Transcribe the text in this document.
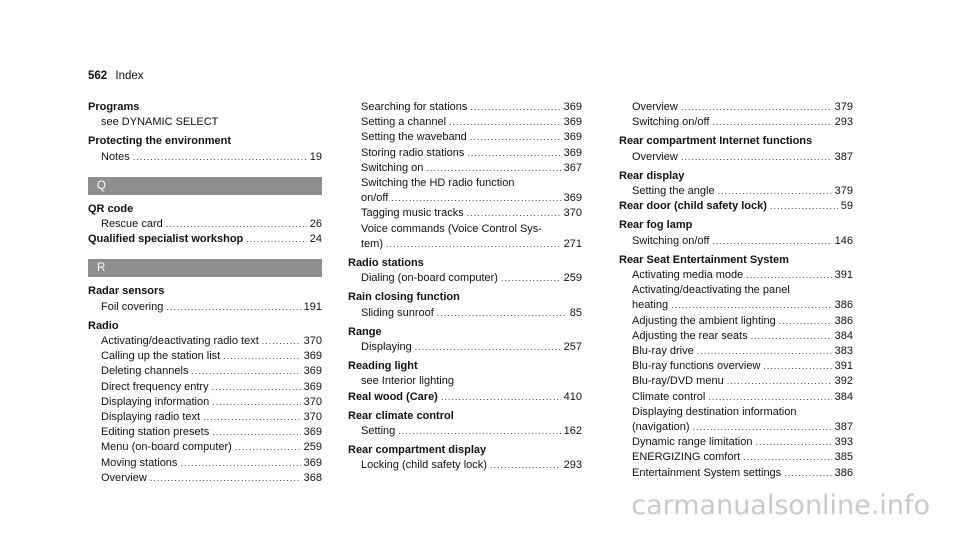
562 Index
Programs
see DYNAMIC SELECT
Protecting the environment
Notes .....	19
Q
QR code
Rescue card .....	26
Qualified specialist workshop .....	24
R
Radar sensors
Foil covering .....	191
Radio
Activating/deactivating radio text .....	370
Calling up the station list .....	369
Deleting channels .....	369
Direct frequency entry .....	369
Displaying information .....	370
Displaying radio text .....	370
Editing station presets .....	369
Menu (on-board computer) .....	259
Moving stations .....	369
Overview .....	368
Searching for stations .....	369
Setting a channel .....	369
Setting the waveband .....	369
Storing radio stations .....	369
Switching on .....	367
Switching the HD radio function
on/off .....	369
Tagging music tracks .....	370
Voice commands (Voice Control Sys-
tem) .....	271
Radio stations
Dialing (on-board computer) .....	259
Rain closing function
Sliding sunroof .....	85
Range
Displaying .....	257
Reading light
see Interior lighting
Real wood (Care) .....	410
Rear climate control
Setting .....	162
Rear compartment display
Locking (child safety lock) .....	293
Overview .....	379
Switching on/off .....	293
Rear compartment Internet functions
Overview .....	387
Rear display
Setting the angle .....	379
Rear door (child safety lock) .....	59
Rear fog lamp
Switching on/off .....	146
Rear Seat Entertainment System
Activating media mode .....	391
Activating/deactivating the panel
heating .....	386
Adjusting the ambient lighting .....	386
Adjusting the rear seats .....	384
Blu-ray drive .....	383
Blu-ray functions overview .....	391
Blu-ray/DVD menu .....	392
Climate control .....	384
Displaying destination information
(navigation) .....	387
Dynamic range limitation .....	393
ENERGIZING comfort .....	385
Entertainment System settings .....	386
carmanualsonline.info
